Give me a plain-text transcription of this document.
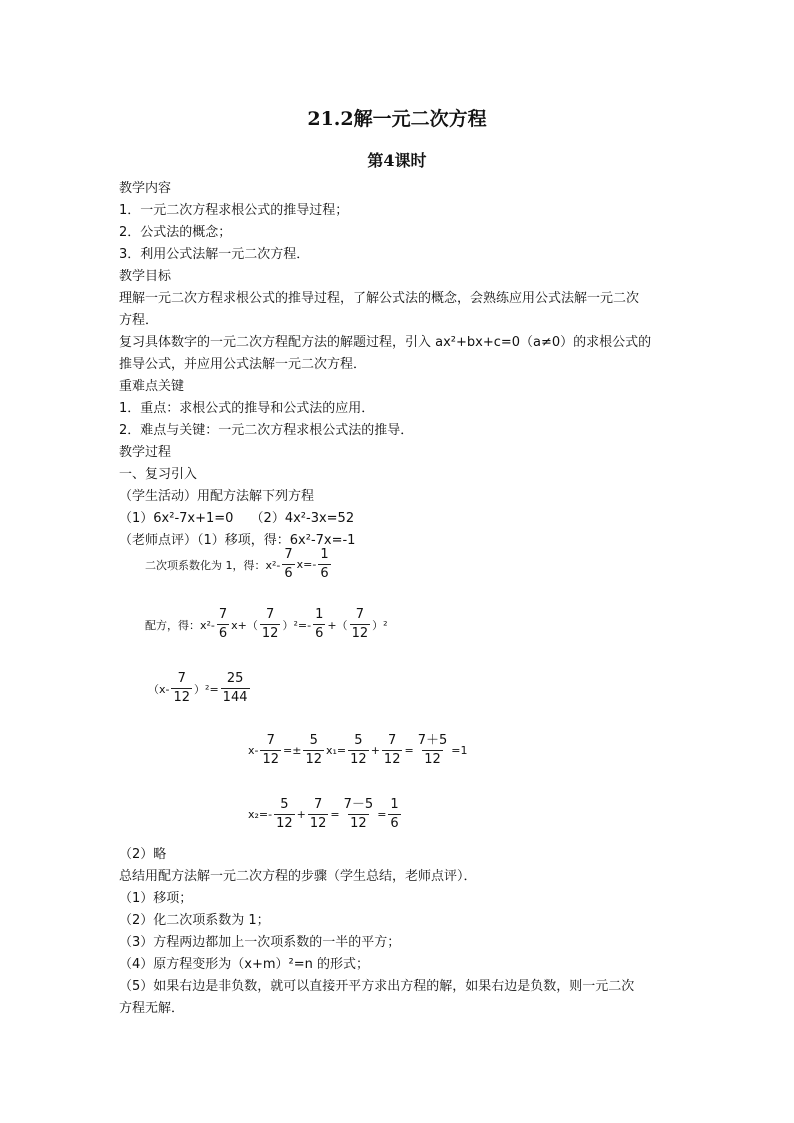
21.2解一元二次方程
第4课时
教学内容
1．一元二次方程求根公式的推导过程；
2．公式法的概念；
3．利用公式法解一元二次方程．
教学目标
理解一元二次方程求根公式的推导过程，了解公式法的概念，会熟练应用公式法解一元二次
方程．
复习具体数字的一元二次方程配方法的解题过程，引入 ax²+bx+c=0（a≠0）的求根公式的
推导公式，并应用公式法解一元二次方程．
重难点关键
1．重点：求根公式的推导和公式法的应用．
2．难点与关键：一元二次方程求根公式法的推导．
教学过程
一、复习引入
（学生活动）用配方法解下列方程
（1）6x²-7x+1=0　 （2）4x²-3x=52
（老师点评）（1）移项，得：6x²-7x=-1
二次项系数化为 1，得：$x^2- \frac{7}{6} x=- \frac{1}{6}$
配方，得：$x^2- \frac{7}{6} x+( \frac{7}{12} )^2=- \frac{1}{6}$ +（ $\frac{7}{12} )^2$
$(x- \frac{7}{12} )^2= \frac{25}{144}$
$x- \frac{7}{12} =\pm \frac{5}{12} x_1= \frac{5}{12} + \frac{7}{12} = \frac{7+5}{12} =1$
$x_2=- \frac{5}{12} + \frac{7}{12} = \frac{7-5}{12} = \frac{1}{6}$
（2）略
总结用配方法解一元二次方程的步骤（学生总结，老师点评）．
（1）移项；
（2）化二次项系数为 1；
（3）方程两边都加上一次项系数的一半的平方；
（4）原方程变形为（x+m）²=n 的形式；
（5）如果右边是非负数，就可以直接开平方求出方程的解，如果右边是负数，则一元二次
方程无解．
